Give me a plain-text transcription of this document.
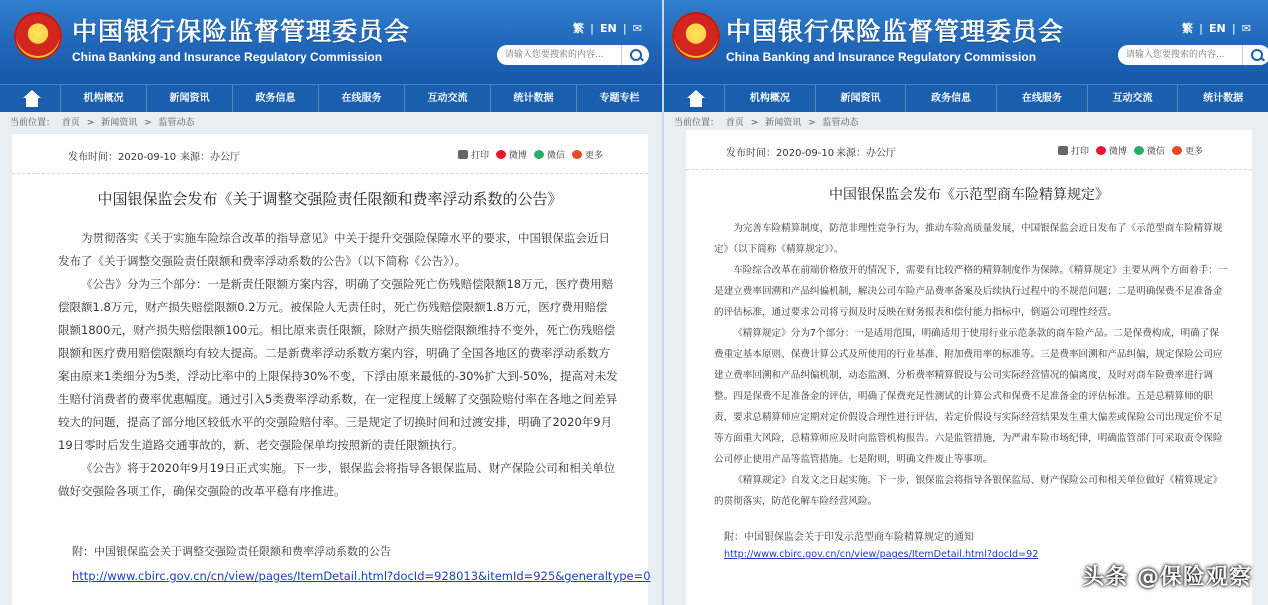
★
中国银行保险监督管理委员会
China Banking and Insurance Regulatory Commission
繁 | EN | ✉
请输入您要搜索的内容...
机构概况	新闻资讯	政务信息	在线服务	互动交流	统计数据	专题专栏
当前位置： 首页 > 新闻资讯 > 监管动态
发布时间：2020-09-10 来源：办公厅	打印 微博 微信 更多
中国银保监会发布《关于调整交强险责任限额和费率浮动系数的公告》

为贯彻落实《关于实施车险综合改革的指导意见》中关于提升交强险保障水平的要求，中国银保监会近日发布了《关于调整交强险责任限额和费率浮动系数的公告》（以下简称《公告》）。

《公告》分为三个部分：一是新责任限额方案内容，明确了交强险死亡伤残赔偿限额18万元，医疗费用赔偿限额1.8万元，财产损失赔偿限额0.2万元。被保险人无责任时，死亡伤残赔偿限额1.8万元，医疗费用赔偿限额1800元，财产损失赔偿限额100元。相比原来责任限额，除财产损失赔偿限额维持不变外，死亡伤残赔偿限额和医疗费用赔偿限额均有较大提高。二是新费率浮动系数方案内容，明确了全国各地区的费率浮动系数方案由原来1类细分为5类，浮动比率中的上限保持30%不变，下浮由原来最低的-30%扩大到-50%，提高对未发生赔付消费者的费率优惠幅度。通过引入5类费率浮动系数，在一定程度上缓解了交强险赔付率在各地之间差异较大的问题，提高了部分地区较低水平的交强险赔付率。三是规定了切换时间和过渡安排，明确了2020年9月19日零时后发生道路交通事故的，新、老交强险保单均按照新的责任限额执行。

《公告》将于2020年9月19日正式实施。下一步，银保监会将指导各银保监局、财产保险公司和相关单位做好交强险各项工作，确保交强险的改革平稳有序推进。

附：中国银保监会关于调整交强险责任限额和费率浮动系数的公告

http://www.cbirc.gov.cn/cn/view/pages/ItemDetail.html?docId=928013&itemId=925&generaltype=0

★
中国银行保险监督管理委员会
China Banking and Insurance Regulatory Commission
繁 | EN | ✉
请输入您要搜索的内容...
机构概况	新闻资讯	政务信息	在线服务	互动交流	统计数据
当前位置： 首页 > 新闻资讯 > 监管动态
发布时间：2020-09-10 来源：办公厅	打印 微博 微信 更多
中国银保监会发布《示范型商车险精算规定》

为完善车险精算制度，防范非理性竞争行为，推动车险高质量发展，中国银保监会近日发布了《示范型商车险精算规定》（以下简称《精算规定》）。

车险综合改革在前端价格放开的情况下，需要有比较严格的精算制度作为保障。《精算规定》主要从两个方面着手：一是建立费率回溯和产品纠偏机制，解决公司车险产品费率备案及后续执行过程中的不规范问题；二是明确保费不足准备金的评估标准，通过要求公司将亏损及时反映在财务报表和偿付能力指标中，倒逼公司理性经营。

《精算规定》分为7个部分：一是适用范围，明确适用于使用行业示范条款的商车险产品。二是保费构成，明确了保费重定基本原则、保费计算公式及所使用的行业基准、附加费用率的标准等。三是费率回溯和产品纠偏，规定保险公司应建立费率回溯和产品纠偏机制，动态监测、分析费率精算假设与公司实际经营情况的偏离度，及时对商车险费率进行调整。四是保费不足准备金的评估，明确了保费充足性测试的计算公式和保费不足准备金的评估标准。五是总精算师的职责，要求总精算师应定期对定价假设合理性进行评估，若定价假设与实际经营结果发生重大偏差或保险公司出现定价不足等方面重大风险，总精算师应及时向监管机构报告。六是监管措施，为严肃车险市场纪律，明确监管部门可采取责令保险公司停止使用产品等监管措施。七是附则，明确文件废止等事项。

《精算规定》自发文之日起实施。下一步，银保监会将指导各银保监局、财产保险公司和相关单位做好《精算规定》的贯彻落实，防范化解车险经营风险。

附：中国银保监会关于印发示范型商车险精算规定的通知

http://www.cbirc.gov.cn/cn/view/pages/ItemDetail.html?docId=92

头条 @保险观察
